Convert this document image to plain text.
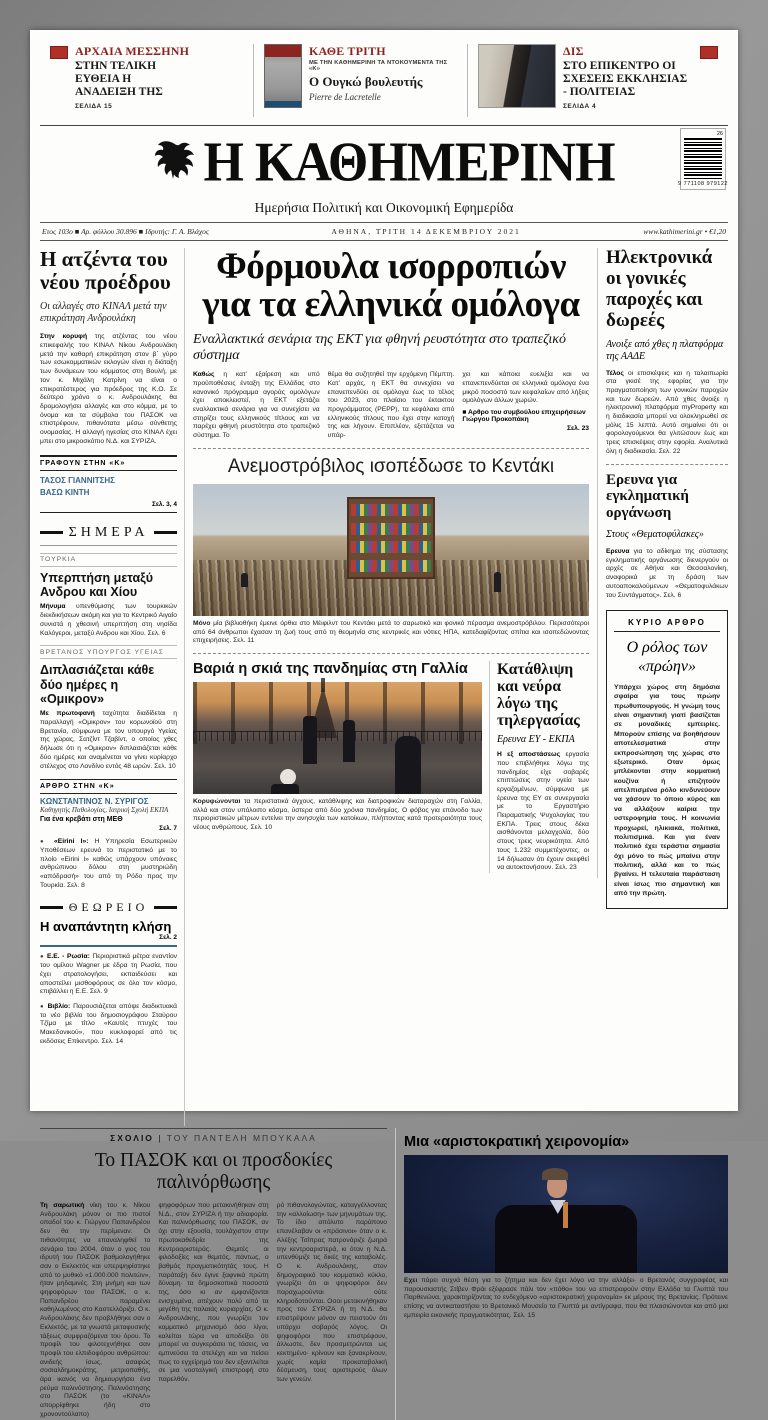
ΑΡΧΑΙΑ ΜΕΣΣΗΝΗ
ΣΤΗΝ ΤΕΛΙΚΗ ΕΥΘΕΙΑ Η ΑΝΑΔΕΙΞΗ ΤΗΣ
ΣΕΛΙΔΑ 15
ΚΑΘΕ ΤΡΙΤΗ
ΜΕ ΤΗΝ ΚΑΘΗΜΕΡΙΝΗ ΤΑ ΝΤΟΚΟΥΜΕΝΤΑ ΤΗΣ «Κ»
Ο Ουγκώ βουλευτής
Pierre de Lacretelle
ΔΙΣ
ΣΤΟ ΕΠΙΚΕΝΤΡΟ ΟΙ ΣΧΕΣΕΙΣ ΕΚΚΛΗΣΙΑΣ - ΠΟΛΙΤΕΙΑΣ
ΣΕΛΙΔΑ 4
Η ΚΑΘΗΜΕΡΙΝΗ	26
9 771108 979122
Ημερήσια Πολιτική και Οικονομική Εφημερίδα
Ετος 103ο ■ Αρ. φύλλου 30.896 ■ Ιδρυτής: Γ. Α. Βλάχος	ΑΘΗΝΑ, ΤΡΙΤΗ 14 ΔΕΚΕΜΒΡΙΟΥ 2021	www.kathimerini.gr • €1,20
Η ατζέντα του νέου προέδρου
Οι αλλαγές στο ΚΙΝΑΛ μετά την επικράτηση Ανδρουλάκη

Στην κορυφή της ατζέντας του νέου επικεφαλής του ΚΙΝΑΛ Νίκου Ανδρουλάκη μετά την καθαρή επικράτηση στον β΄ γύρο των εσωκομματικών εκλογών είναι η διάταξη των δυνάμεων του κόμματος στη Βουλή, με τον κ. Μιχάλη Κατρίνη να είναι ο επικρατέστερος για πρόεδρος της Κ.Ο. Σε δεύτερο χρόνο ο κ. Ανδρουλάκης θα δρομολογήσει αλλαγές και στο κόμμα, με το όνομα και τα σύμβολα του ΠΑΣΟΚ να επιστρέφουν, πιθανότατα μέσω σύνθετης ονομασίας. Η αλλαγή ηγεσίας στο ΚΙΝΑΛ έχει μπει στο μικροσκόπιο Ν.Δ. και ΣΥΡΙΖΑ.

ΓΡΑΦΟΥΝ ΣΤΗΝ «Κ»
ΤΑΣΟΣ ΓΙΑΝΝΙΤΣΗΣ
ΒΑΣΩ ΚΙΝΤΗ
Σελ. 3, 4
ΣΗΜΕΡΑ
ΤΟΥΡΚΙΑ
Υπερπτήση μεταξύ Ανδρου και Χίου

Μήνυμα υπενθύμισης των τουρκικών διεκδικήσεων ακόμη και για το Κεντρικό Αιγαίο συνιστά η χθεσινή υπερπτήση στη νησίδα Καλόγεροι, μεταξύ Ανδρου και Χίου. Σελ. 6

ΒΡΕΤΑΝΟΣ ΥΠΟΥΡΓΟΣ ΥΓΕΙΑΣ
Διπλασιάζεται κάθε δύο ημέρες η «Ομικρον»

Με πρωτοφανή ταχύτητα διαδίδεται η παραλλαγή «Ομικρον» του κορωνοϊού στη Βρετανία, σύμφωνα με τον υπουργό Υγείας της χώρας, Σατζίντ Τζαβίντ, ο οποίος χθες δήλωσε ότι η «Ομικρον» διπλασιάζεται κάθε δύο ημέρες και αναμένεται να γίνει κυρίαρχο στέλεχος στο Λονδίνο εντός 48 ωρών. Σελ. 10

ΑΡΘΡΟ ΣΤΗΝ «Κ»
ΚΩΝΣΤΑΝΤΙΝΟΣ Ν. ΣΥΡΙΓΟΣ
Καθηγητής Παθολογίας, Ιατρική Σχολή ΕΚΠΑ
Για ένα κρεβάτι στη ΜΕΘ
Σελ. 7

● «Eirini I»: Η Υπηρεσία Εσωτερικών Υποθέσεων ερευνά το περιστατικό με το πλοίο «Eirini I» καθώς υπάρχουν υπόνοιες ανθρώπινου δόλου στη μυστηριώδη «απόδρασή» του από τη Ρόδο προς την Τουρκία. Σελ. 8

ΘΕΩΡΕΙΟ
Η αναπάντητη κλήση
Σελ. 2

● Ε.Ε. - Ρωσία: Περιοριστικά μέτρα εναντίον του ομίλου Wagner με έδρα τη Ρωσία, που έχει στρατολογήσει, εκπαιδεύσει και αποστείλει μισθοφόρους σε όλο τον κόσμο, επιβάλλει η Ε.Ε. Σελ. 9

● Βιβλίο: Παρουσιάζεται απόψε διαδικτυακά το νέο βιβλίο του δημοσιογράφου Σταύρου Τζίμα με τίτλο «Καυτές πτυχές του Μακεδονικού», που κυκλοφορεί από τις εκδόσεις Επίκεντρο. Σελ. 14

Φόρμουλα ισορροπιών για τα ελληνικά ομόλογα
Εναλλακτικά σενάρια της ΕΚΤ για φθηνή ρευστότητα στο τραπεζικό σύστημα

Καθώς η κατ’ εξαίρεση και υπό προϋποθέσεις ένταξη της Ελλάδας στο κανονικό πρόγραμμα αγοράς ομολόγων έχει αποκλειστεί, η ΕΚΤ εξετάζει εναλλακτικά σενάρια για να συνεχίσει να στηρίζει τους ελληνικούς τίτλους και να παρέχει φθηνή ρευστότητα στο τραπεζικό σύστημα. Το

θέμα θα συζητηθεί την ερχόμενη Πέμπτη. Κατ’ αρχάς, η ΕΚΤ θα συνεχίσει να επανεπενδύει σε ομόλογα έως το τέλος του 2023, στο πλαίσιο του έκτακτου προγράμματος (PEPP), τα κεφάλαια από ελληνικούς τίτλους που έχει στην κατοχή της και λήγουν. Επιπλέον, εξετάζεται να υπάρ-

χει και κάποια ευελιξία και να επανεπενδύεται σε ελληνικά ομόλογα ένα μικρό ποσοστό των κεφαλαίων από λήξεις ομολόγων άλλων χωρών.

■ Αρθρο του συμβούλου επιχειρήσεων Γιώργου Προκοπάκη
Σελ. 23
Ανεμοστρόβιλος ισοπέδωσε το Κεντάκι

Μόνο μία βιβλιοθήκη έμεινε όρθια στο Μέιφιλντ του Κεντάκι μετά το σαρωτικό και φονικό πέρασμα ανεμοστρόβιλου. Περισσότεροι από 64 άνθρωποι έχασαν τη ζωή τους από τη θεομηνία στις κεντρικές και νότιες ΗΠΑ, κατεδαφίζοντας σπίτια και ισοπεδώνοντας επιχειρήσεις. Σελ. 11

Βαριά η σκιά της πανδημίας στη Γαλλία

Κορυφώνονται τα περιστατικά άγχους, κατάθλιψης και διατροφικών διαταραχών στη Γαλλία, αλλά και στον υπόλοιπο κόσμο, ύστερα από δύο χρόνια πανδημίας. Ο φόβος για επάνοδο των περιοριστικών μέτρων εντείνει την ανησυχία των κατοίκων, πλήττοντας κατά προτεραιότητα τους νέους ανθρώπους. Σελ. 10

Κατάθλιψη και νεύρα λόγω της τηλεργασίας
Ερευνα ΕΥ - ΕΚΠΑ

Η εξ αποστάσεως εργασία που επιβλήθηκε λόγω της πανδημίας είχε σοβαρές επιπτώσεις στην υγεία των εργαζομένων, σύμφωνα με έρευνα της ΕΥ σε συνεργασία με το Εργαστήριο Πειραματικής Ψυχολογίας του ΕΚΠΑ. Τρεις στους δέκα αισθάνονται μελαγχολία, δύο στους τρεις νευρικότητα. Από τους 1.232 συμμετέχοντες, οι 14 δήλωσαν ότι έχουν σκεφθεί να αυτοκτονήσουν. Σελ. 23

Ηλεκτρονικά οι γονικές παροχές και δωρεές
Ανοιξε από χθες η πλατφόρμα της ΑΑΔΕ

Τέλος οι επισκέψεις και η ταλαιπωρία στα γκισέ της εφορίας για την πραγματοποίηση των γονικών παροχών και των δωρεών. Από χθες άνοιξε η ηλεκτρονική πλατφόρμα myProperty και η διαδικασία μπορεί να ολοκληρωθεί σε μόλις 15 λεπτά. Αυτό σημαίνει ότι οι φορολογούμενοι θα γλιτώσουν έως και τρεις επισκέψεις στην εφορία. Αναλυτικά όλη η διαδικασία. Σελ. 22

Ερευνα για εγκληματική οργάνωση
Στους «Θεματοφύλακες»

Ερευνα για το αδίκημα της σύστασης εγκληματικής οργάνωσης διενεργούν οι αρχές σε Αθήνα και Θεσσαλονίκη, αναφορικά με τη δράση των αυτοαποκαλούμενων «Θεματοφυλάκων του Συντάγματος». Σελ. 6

ΚΥΡΙΟ ΑΡΘΡΟ
Ο ρόλος των «πρώην»

Υπάρχει χώρος στη δημόσια σφαίρα για τους πρώην πρωθυπουργούς. Η γνώμη τους είναι σημαντική γιατί βασίζεται σε μοναδικές εμπειρίες. Μπορούν επίσης να βοηθήσουν αποτελεσματικά στην εκπροσώπηση της χώρας στο εξωτερικό. Οταν όμως μπλέκονται στην κομματική κουζίνα ή επιζητούν απελπισμένα ρόλο κινδυνεύουν να χάσουν το όποιο κύρος και να αλλάξουν καίρια την υστεροφημία τους. Η κοινωνία προχωρεί, ηλικιακά, πολιτικά, πολιτισμικά. Και για έναν πολιτικό έχει τεράστια σημασία όχι μόνο το πώς μπαίνει στην πολιτική, αλλά και το πώς βγαίνει. Η τελευταία παράσταση είναι ίσως πιο σημαντική και από την πρώτη.

ΣΧΟΛΙΟ | ΤΟΥ ΠΑΝΤΕΛΗ ΜΠΟΥΚΑΛΑ
Το ΠΑΣΟΚ και οι προσδοκίες παλινόρθωσης

Τη σαρωτική νίκη του κ. Νίκου Ανδρουλάκη μόνον οι πιο πιστοί οπαδοί του κ. Γιώργου Παπανδρέου δεν θα την περίμεναν. Οι πιθανότητες να επαναληφθεί το σενάριο του 2004, όταν ο γιος του ιδρυτή του ΠΑΣΟΚ βαθμολογήθηκε σαν ο Εκλεκτός και υπερψηφίστηκε από το μυθικό «1.000.000 πολιτών», ήταν μηδαμινές. Στη μνήμη και των ψηφοφόρων του ΠΑΣΟΚ, ο κ. Παπανδρέου παραμένει καθηλωμένος στο Καστελλόριζο. Ο κ. Ανδρουλάκης δεν προβλήθηκε σαν ο Εκλεκτός, με τα γνωστά μεταφυσικής τάξεως συμφραζόμενα του όρου. Το προφίλ του φιλοτεχνήθηκε σαν προφίλ του ελπιδοφόρου ανθρώπου: ανιδεής ίσως, ασαφώς σοσιαλδημοκράτης, μετριοπαθής, άρα ικανός να δημιουργήσει ένα ρεύμα παλινόστησης. Παλινόστησης στο ΠΑΣΟΚ (το «ΚΙΝΑΛ» απορρίφθηκε ήδη στο χρονοντούλαπο)

ψηφοφόρων που μετακινήθηκαν στη Ν.Δ., στον ΣΥΡΙΖΑ ή την αδιαφορία. Και παλινόρθωσης του ΠΑΣΟΚ, αν όχι στην εξουσία, τουλάχιστον στην πρωτοκαθεδρία της Κεντροαριστεράς. Θεμιτές οι φιλοδοξίες και θεμιτός, πάντως, ο βαθμός πραγματικότητάς τους. Η παράταξη δεν έγινε ξαφνικά πρώτη δύναμη· τα δημοσκοπικά ποσοστά της, όσο κι αν εμφανίζονται ενισχυμένα, απέχουν πολύ από τα μεγέθη της παλαιάς κυριαρχίας. Ο κ. Ανδρουλάκης, που γνωρίζει τον κομματικό μηχανισμό όσο λίγοι, καλείται τώρα να αποδείξει ότι μπορεί να συγκεράσει τις τάσεις, να εμπνεύσει τα στελέχη και να πείσει πως το εγχείρημά του δεν εξαντλείται σε μια νοσταλγική επιστροφή στο παρελθόν.

ρό πιθανολογώντας, καταγγέλλοντας την «αλλοίωση» των μηνυμάτων της. Το ίδιο απόλυτο παράπονο επανέλαβαν οι «πράσινοι» όταν ο κ. Αλέξης Τσίπρας πατρονάριζε ζωηρά την κεντροαριστερά, κι όταν η Ν.Δ. υπενθύμιζε τις δικές της καταβολές. Ο κ. Ανδρουλάκης, στον δημογραφικό του κομματικό κύκλο, γνωρίζει ότι οι ψηφοφόροι δεν παραχωρούνται ούτε κληροδοτούνται. Οσοι μετακινήθηκαν προς τον ΣΥΡΙΖΑ ή τη Ν.Δ. θα επιστρέψουν μόνον αν πειστούν ότι υπάρχει σοβαρός λόγος. Οι ψηφοφόροι που επιστρέφουν, άλλωστε, δεν προσμετρώνται ως κεκτημένο· κρίνουν και ξανακρίνουν, χωρίς καμία προκαταβολική δέσμευση, τους αριστερούς όλων των γενεών.

Μια «αριστοκρατική χειρονομία»

Εχει πάρει συχνά θέση για το ζήτημα και δεν έχει λόγο να την αλλάξει· ο Βρετανός συγγραφέας και παρουσιαστής Στίβεν Φράι εξέφρασε πάλι τον «πόθο» του να επιστραφούν στην Ελλάδα τα Γλυπτά του Παρθενώνα, χαρακτηρίζοντας το ενδεχόμενο «αριστοκρατική χειρονομία» εκ μέρους της Βρετανίας. Πρότεινε επίσης να αντικαταστήσει το Βρετανικό Μουσείο τα Γλυπτά με αντίγραφα, που θα πλαισιώνονται και από μια εμπειρία εικονικής πραγματικότητας. Σελ. 15
